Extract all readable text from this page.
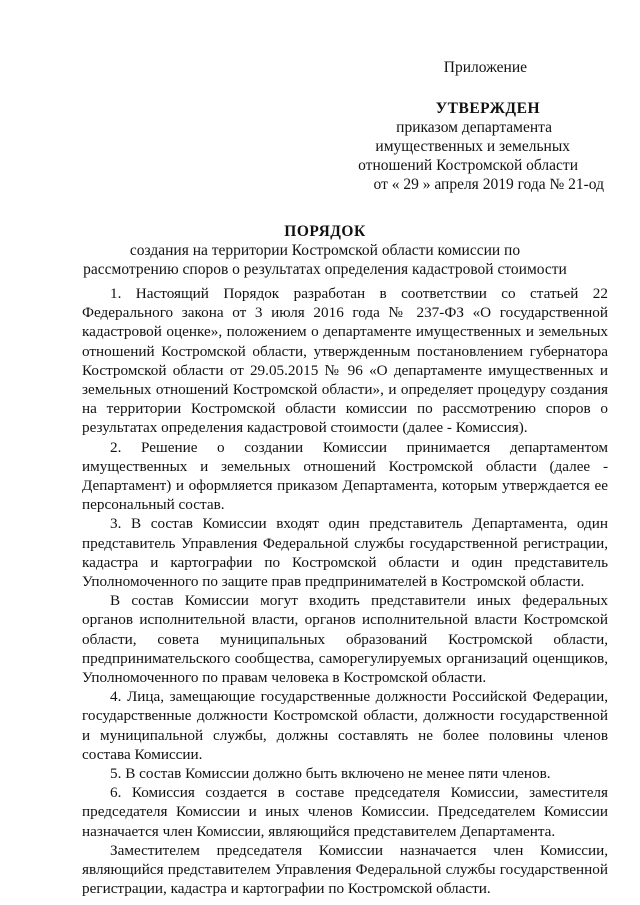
Приложение
УТВЕРЖДЕН
приказом департамента
имущественных и земельных
отношений Костромской области
от « 29 » апреля 2019 года № 21-од
ПОРЯДОК
создания на территории Костромской области комиссии по
рассмотрению споров о результатах определения кадастровой стоимости

1. Настоящий Порядок разработан в соответствии со статьей 22 Федерального закона от 3 июля 2016 года № 237-ФЗ «О государственной кадастровой оценке», положением о департаменте имущественных и земельных отношений Костромской области, утвержденным постановлением губернатора Костромской области от 29.05.2015 № 96 «О департаменте имущественных и земельных отношений Костромской области», и определяет процедуру создания на территории Костромской области комиссии по рассмотрению споров о результатах определения кадастровой стоимости (далее - Комиссия).

2. Решение о создании Комиссии принимается департаментом имущественных и земельных отношений Костромской области (далее - Департамент) и оформляется приказом Департамента, которым утверждается ее персональный состав.

3. В состав Комиссии входят один представитель Департамента, один представитель Управления Федеральной службы государственной регистрации, кадастра и картографии по Костромской области и один представитель Уполномоченного по защите прав предпринимателей в Костромской области.

В состав Комиссии могут входить представители иных федеральных органов исполнительной власти, органов исполнительной власти Костромской области, совета муниципальных образований Костромской области, предпринимательского сообщества, саморегулируемых организаций оценщиков, Уполномоченного по правам человека в Костромской области.

4. Лица, замещающие государственные должности Российской Федерации, государственные должности Костромской области, должности государственной и муниципальной службы, должны составлять не более половины членов состава Комиссии.

5. В состав Комиссии должно быть включено не менее пяти членов.

6. Комиссия создается в составе председателя Комиссии, заместителя председателя Комиссии и иных членов Комиссии. Председателем Комиссии назначается член Комиссии, являющийся представителем Департамента.

Заместителем председателя Комиссии назначается член Комиссии, являющийся представителем Управления Федеральной службы государственной регистрации, кадастра и картографии по Костромской области.
